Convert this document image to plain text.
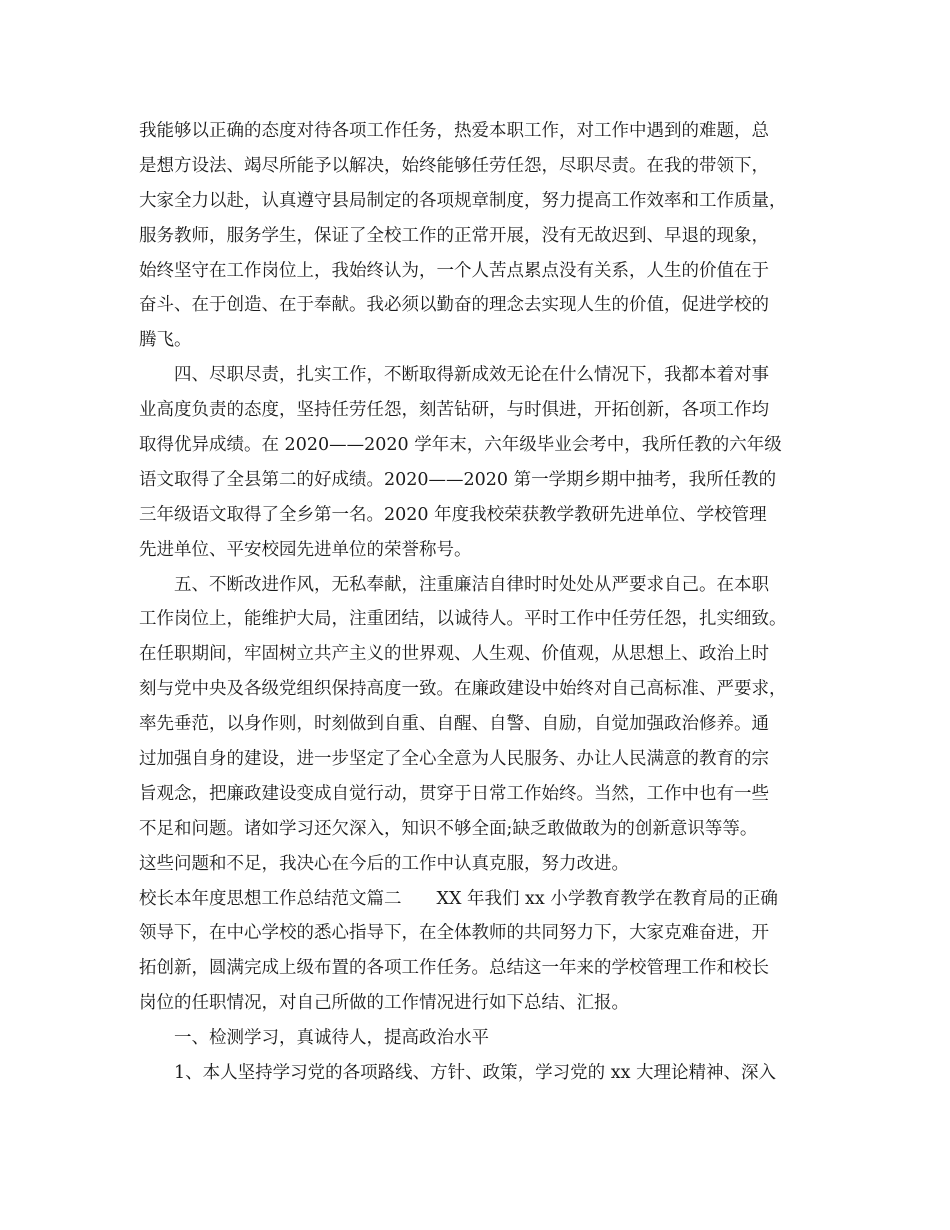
我能够以正确的态度对待各项工作任务，热爱本职工作，对工作中遇到的难题，总
是想方设法、竭尽所能予以解决，始终能够任劳任怨，尽职尽责。在我的带领下，
大家全力以赴，认真遵守县局制定的各项规章制度，努力提高工作效率和工作质量，
服务教师，服务学生，保证了全校工作的正常开展，没有无故迟到、早退的现象，
始终坚守在工作岗位上，我始终认为，一个人苦点累点没有关系，人生的价值在于
奋斗、在于创造、在于奉献。我必须以勤奋的理念去实现人生的价值，促进学校的
腾飞。
四、尽职尽责，扎实工作，不断取得新成效无论在什么情况下，我都本着对事
业高度负责的态度，坚持任劳任怨，刻苦钻研，与时俱进，开拓创新，各项工作均
取得优异成绩。在 2020——2020 学年末，六年级毕业会考中，我所任教的六年级
语文取得了全县第二的好成绩。2020——2020 第一学期乡期中抽考，我所任教的
三年级语文取得了全乡第一名。2020 年度我校荣获教学教研先进单位、学校管理
先进单位、平安校园先进单位的荣誉称号。
五、不断改进作风，无私奉献，注重廉洁自律时时处处从严要求自己。在本职
工作岗位上，能维护大局，注重团结，以诚待人。平时工作中任劳任怨，扎实细致。
在任职期间，牢固树立共产主义的世界观、人生观、价值观，从思想上、政治上时
刻与党中央及各级党组织保持高度一致。在廉政建设中始终对自己高标准、严要求，
率先垂范，以身作则，时刻做到自重、自醒、自警、自励，自觉加强政治修养。通
过加强自身的建设，进一步坚定了全心全意为人民服务、办让人民满意的教育的宗
旨观念，把廉政建设变成自觉行动，贯穿于日常工作始终。当然，工作中也有一些
不足和问题。诸如学习还欠深入，知识不够全面;缺乏敢做敢为的创新意识等等。
这些问题和不足，我决心在今后的工作中认真克服，努力改进。
校长本年度思想工作总结范文篇二　　XX 年我们 xx 小学教育教学在教育局的正确
领导下，在中心学校的悉心指导下，在全体教师的共同努力下，大家克难奋进，开
拓创新，圆满完成上级布置的各项工作任务。总结这一年来的学校管理工作和校长
岗位的任职情况，对自己所做的工作情况进行如下总结、汇报。
一、检测学习，真诚待人，提高政治水平
1、本人坚持学习党的各项路线、方针、政策，学习党的 xx 大理论精神、深入
